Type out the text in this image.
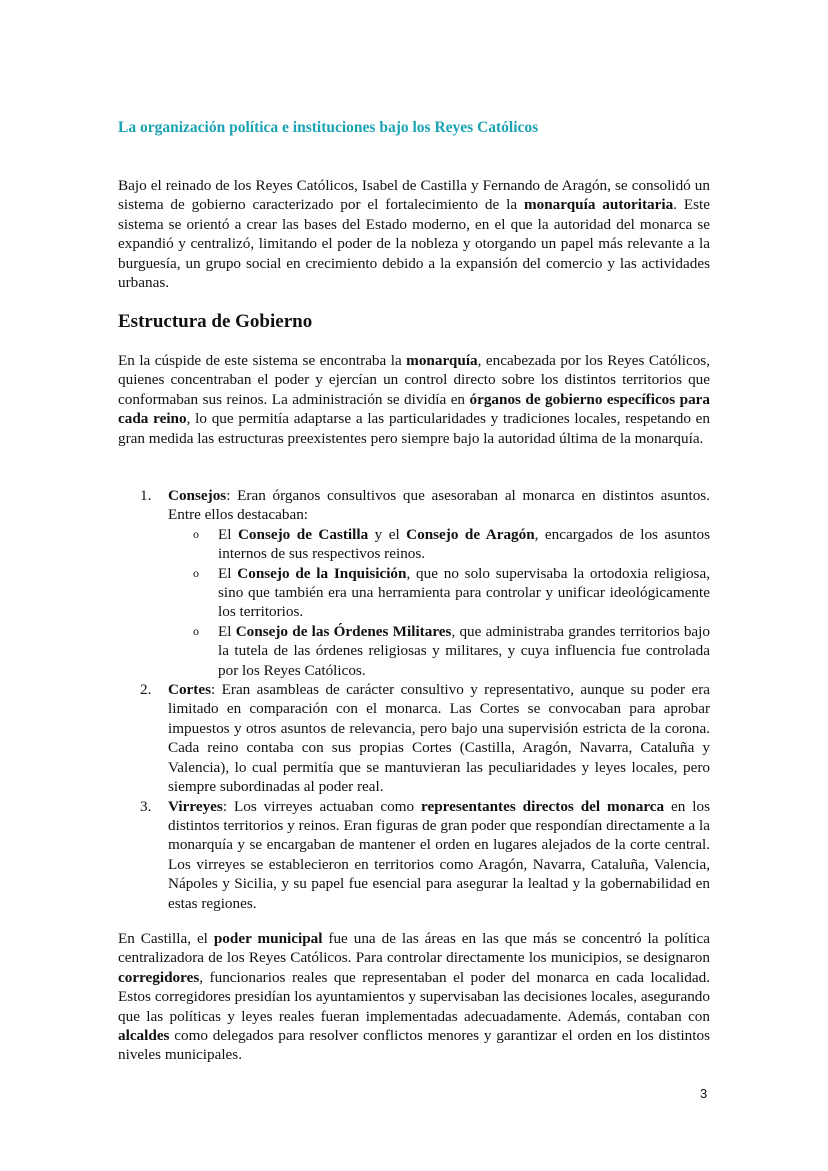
La organización política e instituciones bajo los Reyes Católicos

Bajo el reinado de los Reyes Católicos, Isabel de Castilla y Fernando de Aragón, se consolidó un sistema de gobierno caracterizado por el fortalecimiento de la monarquía autoritaria. Este sistema se orientó a crear las bases del Estado moderno, en el que la autoridad del monarca se expandió y centralizó, limitando el poder de la nobleza y otorgando un papel más relevante a la burguesía, un grupo social en crecimiento debido a la expansión del comercio y las actividades urbanas.

Estructura de Gobierno

En la cúspide de este sistema se encontraba la monarquía, encabezada por los Reyes Católicos, quienes concentraban el poder y ejercían un control directo sobre los distintos territorios que conformaban sus reinos. La administración se dividía en órganos de gobierno específicos para cada reino, lo que permitía adaptarse a las particularidades y tradiciones locales, respetando en gran medida las estructuras preexistentes pero siempre bajo la autoridad última de la monarquía.

1. Consejos: Eran órganos consultivos que asesoraban al monarca en distintos asuntos. Entre ellos destacaban:
o El Consejo de Castilla y el Consejo de Aragón, encargados de los asuntos internos de sus respectivos reinos.
o El Consejo de la Inquisición, que no solo supervisaba la ortodoxia religiosa, sino que también era una herramienta para controlar y unificar ideológicamente los territorios.
o El Consejo de las Órdenes Militares, que administraba grandes territorios bajo la tutela de las órdenes religiosas y militares, y cuya influencia fue controlada por los Reyes Católicos.
2. Cortes: Eran asambleas de carácter consultivo y representativo, aunque su poder era limitado en comparación con el monarca. Las Cortes se convocaban para aprobar impuestos y otros asuntos de relevancia, pero bajo una supervisión estricta de la corona. Cada reino contaba con sus propias Cortes (Castilla, Aragón, Navarra, Cataluña y Valencia), lo cual permitía que se mantuvieran las peculiaridades y leyes locales, pero siempre subordinadas al poder real.
3. Virreyes: Los virreyes actuaban como representantes directos del monarca en los distintos territorios y reinos. Eran figuras de gran poder que respondían directamente a la monarquía y se encargaban de mantener el orden en lugares alejados de la corte central. Los virreyes se establecieron en territorios como Aragón, Navarra, Cataluña, Valencia, Nápoles y Sicilia, y su papel fue esencial para asegurar la lealtad y la gobernabilidad en estas regiones.

En Castilla, el poder municipal fue una de las áreas en las que más se concentró la política centralizadora de los Reyes Católicos. Para controlar directamente los municipios, se designaron corregidores, funcionarios reales que representaban el poder del monarca en cada localidad. Estos corregidores presidían los ayuntamientos y supervisaban las decisiones locales, asegurando que las políticas y leyes reales fueran implementadas adecuadamente. Además, contaban con alcaldes como delegados para resolver conflictos menores y garantizar el orden en los distintos niveles municipales.

3
